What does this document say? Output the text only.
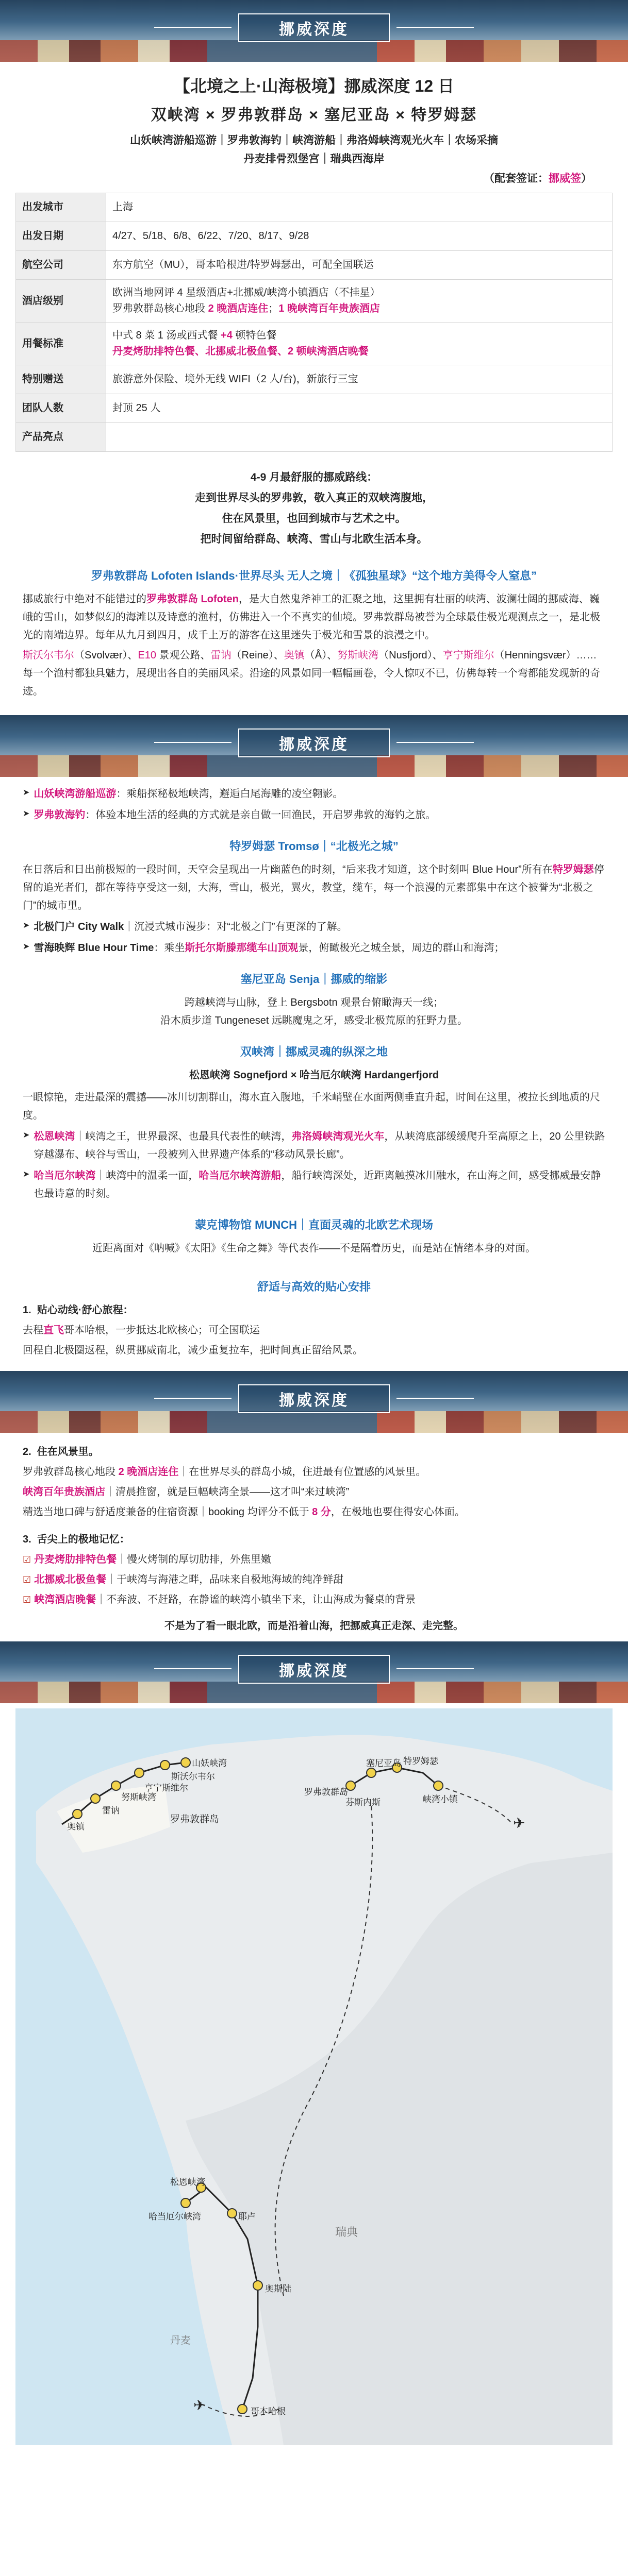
挪威深度
【北境之上·山海极境】挪威深度 12 日
双峡湾 × 罗弗敦群岛 × 塞尼亚岛 × 特罗姆瑟
山妖峡湾游船巡游｜罗弗敦海钓｜峡湾游船｜弗洛姆峡湾观光火车｜农场采摘
丹麦排骨烈堡宫｜瑞典西海岸
（配套签证：挪威签）
出发城市	上海
出发日期	4/27、5/18、6/8、6/22、7/20、8/17、9/28
航空公司	东方航空（MU），哥本哈根进/特罗姆瑟出，可配全国联运
酒店级别	欧洲当地网评 4 星级酒店+北挪威/峡湾小镇酒店（不挂星）
罗弗敦群岛核心地段 2 晚酒店连住；1 晚峡湾百年贵族酒店

用餐标准	中式 8 菜 1 汤或西式餐 +4 顿特色餐
丹麦烤肋排特色餐、北挪威北极鱼餐、2 顿峡湾酒店晚餐

特别赠送	旅游意外保险、境外无线 WIFI（2 人/台)，新旅行三宝
团队人数	封顶 25 人
产品亮点	
4-9 月最舒服的挪威路线：
走到世界尽头的罗弗敦，敬入真正的双峡湾腹地，
住在风景里，也回到城市与艺术之中。
把时间留给群岛、峡湾、雪山与北欧生活本身。
罗弗敦群岛 Lofoten Islands·世界尽头 无人之境｜《孤独星球》“这个地方美得令人窒息”

挪威旅行中绝对不能错过的罗弗敦群岛 Lofoten，是大自然鬼斧神工的汇聚之地，这里拥有壮丽的峡湾、波澜壮阔的挪威海、巍峨的雪山，如梦似幻的海滩以及诗意的渔村，仿佛进入一个不真实的仙境。罗弗敦群岛被誉为全球最佳极光观测点之一，是北极光的南端边界。每年从九月到四月，成千上万的游客在这里迷失于极光和雪景的浪漫之中。

斯沃尔韦尔（Svolvær）、E10 景观公路、雷讷（Reine）、奥镇（Å）、努斯峡湾（Nusfjord）、亨宁斯维尔（Henningsvær）……每一个渔村都独具魅力，展现出各自的美丽风采。沿途的风景如同一幅幅画卷，令人惊叹不已，仿佛每转一个弯都能发现新的奇迹。

挪威深度
➤ 山妖峡湾游船巡游：乘船探秘极地峡湾，邂逅白尾海雕的凌空翱影。
➤ 罗弗敦海钓：体验本地生活的经典的方式就是亲自做一回渔民，开启罗弗敦的海钓之旅。
特罗姆瑟 Tromsø｜“北极光之城”

在日落后和日出前极短的一段时间，天空会呈现出一片幽蓝色的时刻，“后来我才知道，这个时刻叫 Blue Hour”所有在特罗姆瑟停留的追光者们，都在等待享受这一刻，大海，雪山，极光，翼火，教堂，缆车，每一个浪漫的元素都集中在这个被誉为“北极之门”的城市里。

➤ 北极门户 City Walk｜沉浸式城市漫步：对“北极之门”有更深的了解。
➤ 雪海映辉 Blue Hour Time：乘坐斯托尔斯滕那缆车山顶观景，俯瞰极光之城全景，周边的群山和海湾；
塞尼亚岛 Senja｜挪威的缩影
跨越峡湾与山脉，登上 Bergsbotn 观景台俯瞰海天一线；
沿木质步道 Tungeneset 远眺魔鬼之牙，感受北极荒原的狂野力量。
双峡湾｜挪威灵魂的纵深之地
松恩峡湾 Sognefjord × 哈当厄尔峡湾 Hardangerfjord

一眼惊艳，走进最深的震撼——冰川切割群山，海水直入腹地，千米峭壁在水面两侧垂直升起，时间在这里，被拉长到地质的尺度。

➤ 松恩峡湾｜峡湾之王，世界最深、也最具代表性的峡湾，弗洛姆峡湾观光火车，从峡湾底部缓缓爬升至高原之上，20 公里铁路穿越瀑布、峡谷与雪山，一段被列入世界遗产体系的“移动风景长廊”。
➤ 哈当厄尔峡湾｜峡湾中的温柔一面，哈当厄尔峡湾游船，船行峡湾深处，近距离触摸冰川融水，在山海之间，感受挪威最安静也最诗意的时刻。
蒙克博物馆 MUNCH｜直面灵魂的北欧艺术现场
近距离面对《呐喊》《太阳》《生命之舞》等代表作——不是隔着历史，而是站在情绪本身的对面。
舒适与高效的贴心安排

1.  贴心动线·舒心旅程：

去程直飞哥本哈根，一步抵达北欧核心；可全国联运

回程自北极圈返程，纵贯挪威南北，减少重复拉车，把时间真正留给风景。

挪威深度

2.  住在风景里。

罗弗敦群岛核心地段 2 晚酒店连住｜在世界尽头的群岛小城，住进最有位置感的风景里。

峡湾百年贵族酒店｜清晨推窗，就是巨幅峡湾全景——这才叫“来过峡湾”

精选当地口碑与舒适度兼备的住宿资源｜booking 均评分不低于 8 分，在极地也要住得安心体面。

3.  舌尖上的极地记忆：

☑ 丹麦烤肋排特色餐｜慢火烤制的厚切肋排，外焦里嫩

☑ 北挪威北极鱼餐｜于峡湾与海港之畔，品味来自极地海域的纯净鲜甜

☑ 峡湾酒店晚餐｜不奔波、不赶路，在静谧的峡湾小镇坐下来，让山海成为餐桌的背景

不是为了看一眼北欧，而是沿着山海，把挪威真正走深、走完整。

挪威深度
✈
✈
山妖峡湾
斯沃尔韦尔
亨宁斯维尔
努斯峡湾
雷讷
奥镇
罗弗敦群岛
塞尼亚岛 特罗姆瑟
芬斯内斯
罗弗敦群岛
峡湾小镇
松恩峡湾
哈当厄尔峡湾	耶卢
奥斯陆
瑞典
丹麦
哥本哈根
